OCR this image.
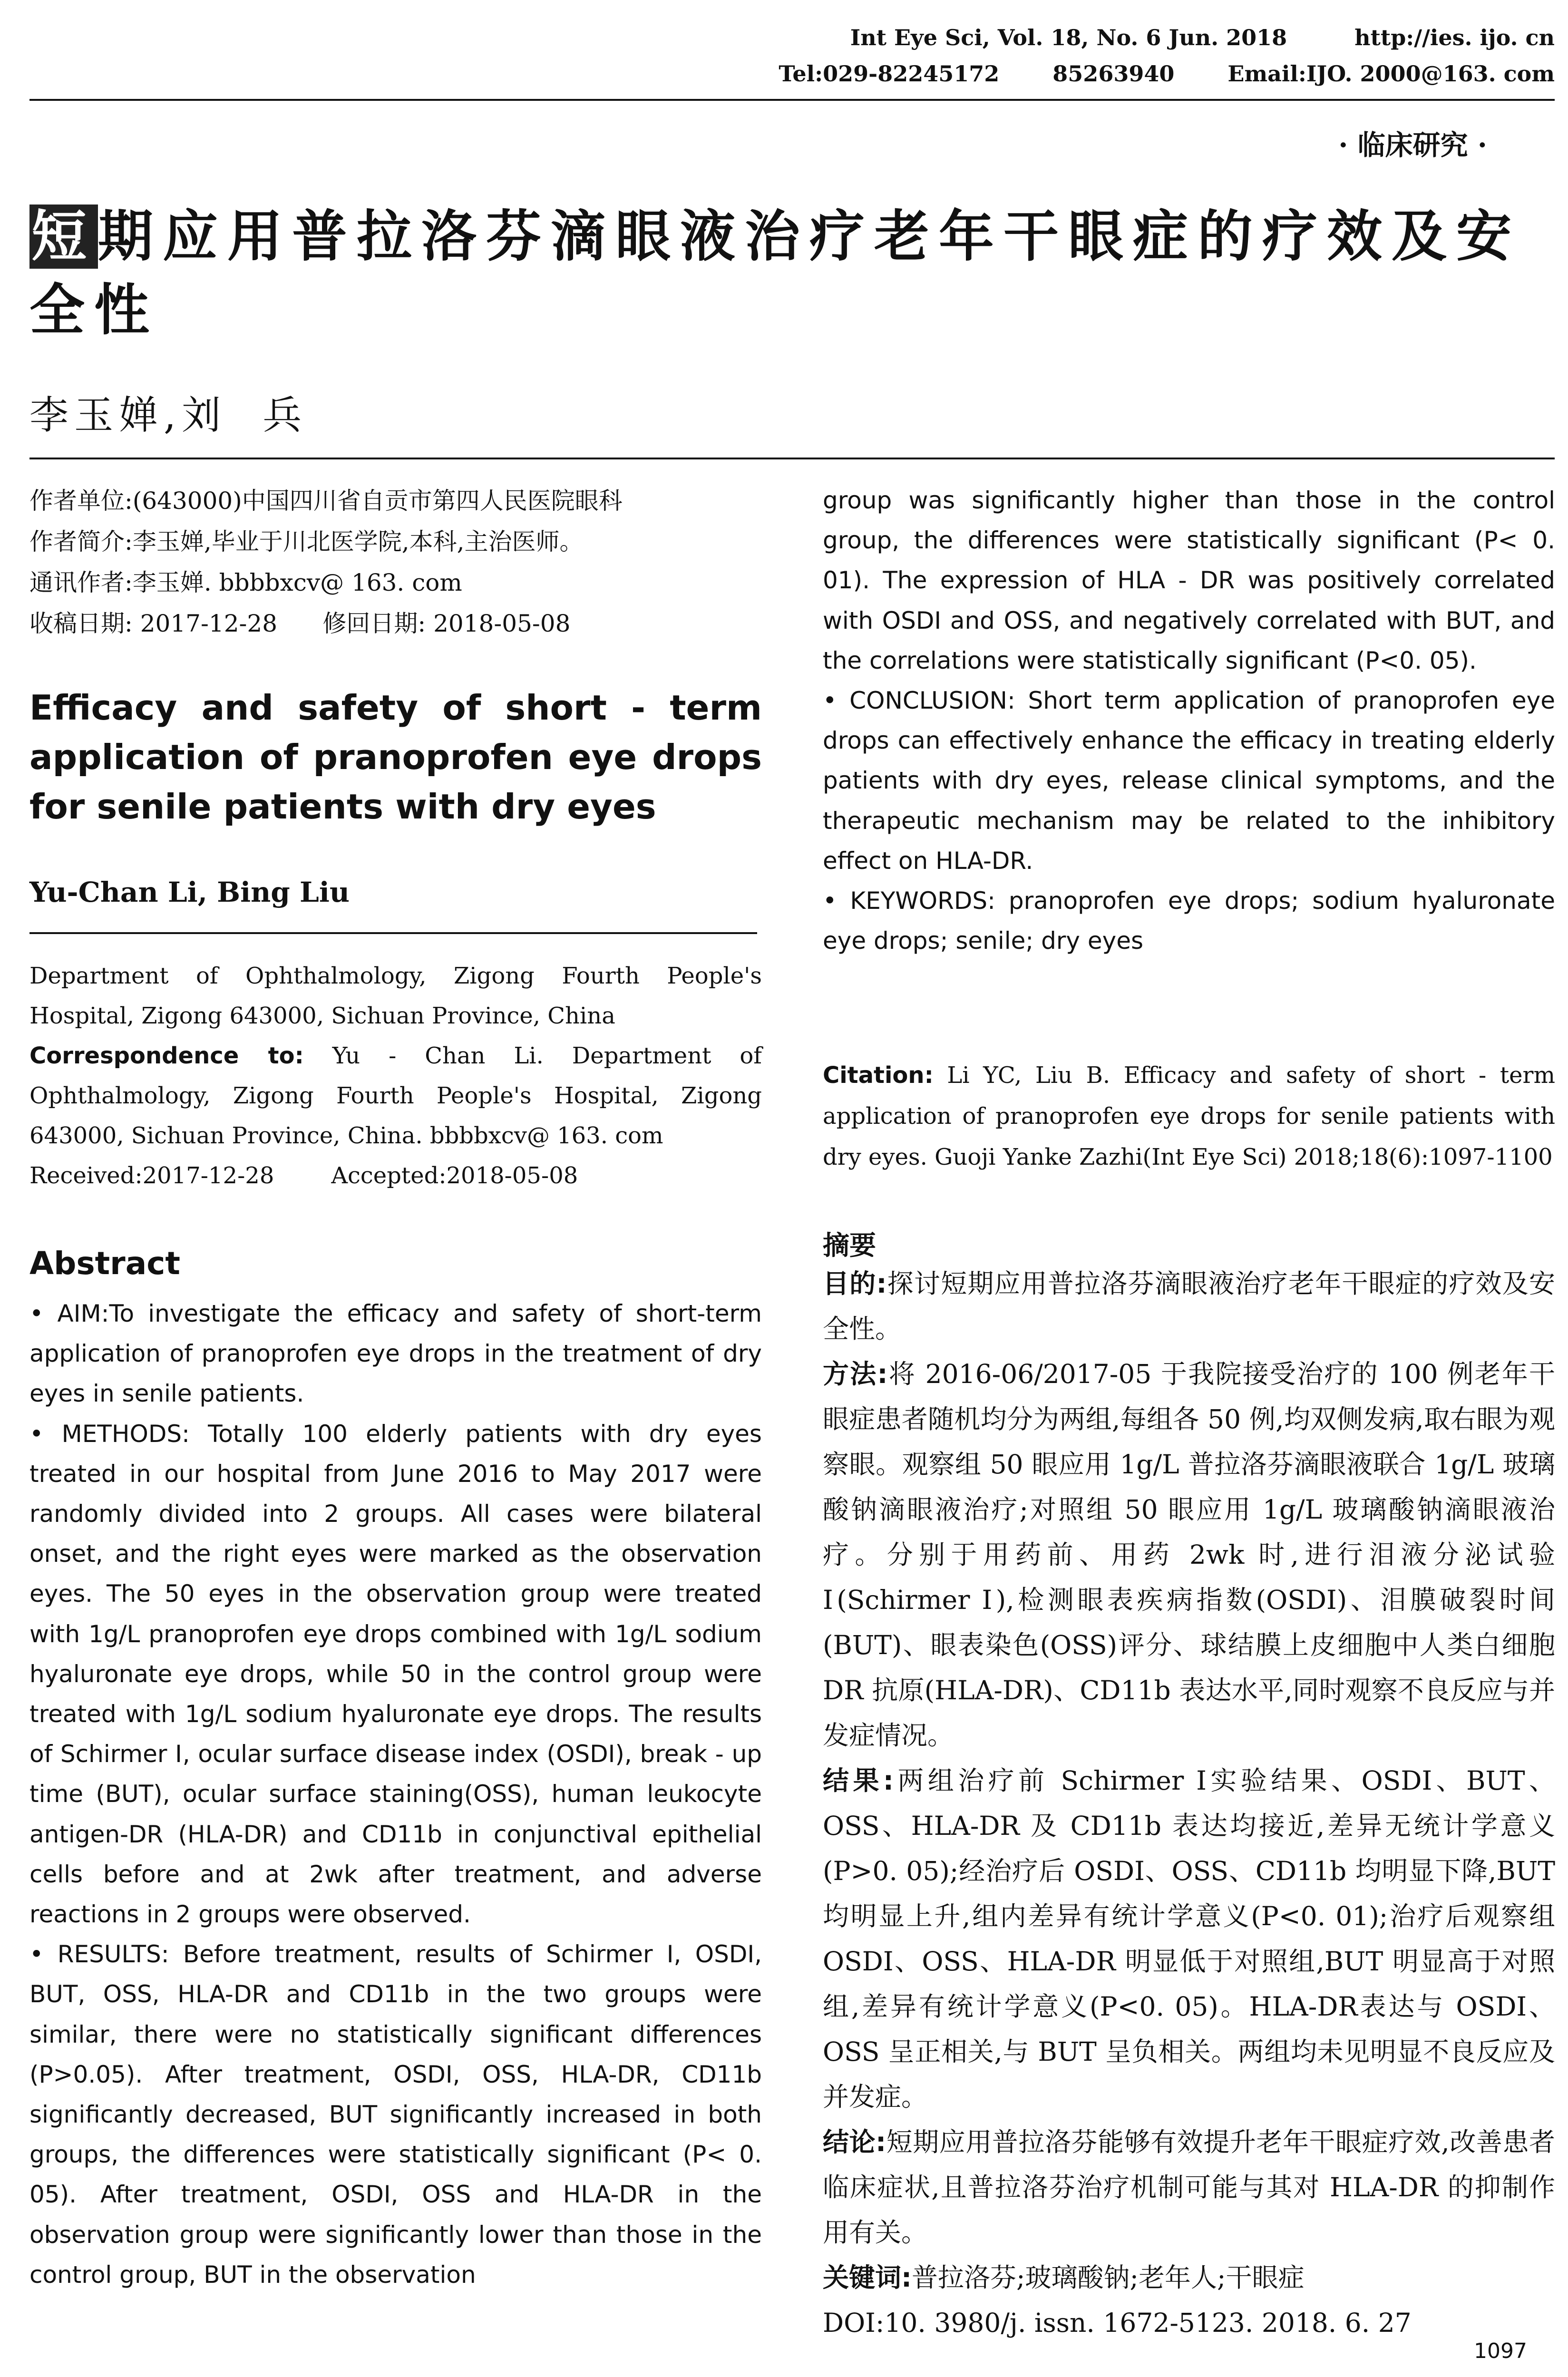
Int Eye Sci, Vol. 18, No. 6 Jun. 2018	http://ies. ijo. cn
Tel:029-82245172 85263940 Email:IJO. 2000@163. com
· 临床研究 ·
短期应用普拉洛芬滴眼液治疗老年干眼症的疗效及安全性
李玉婵,刘  兵
作者单位:(643000)中国四川省自贡市第四人民医院眼科
作者简介:李玉婵,毕业于川北医学院,本科,主治医师。
通讯作者:李玉婵. bbbbxcv@ 163. com
收稿日期: 2017-12-28      修回日期: 2018-05-08
Efficacy and safety of short - term application of pranoprofen eye drops for senile patients with dry eyes
Yu-Chan Li, Bing Liu
Department of Ophthalmology, Zigong Fourth People's Hospital, Zigong 643000, Sichuan Province, China
Correspondence to: Yu - Chan Li. Department of Ophthalmology, Zigong Fourth People's Hospital, Zigong 643000, Sichuan Province, China. bbbbxcv@ 163. com
Received:2017-12-28	Accepted:2018-05-08
Abstract

• AIM:To investigate the efficacy and safety of short-term application of pranoprofen eye drops in the treatment of dry eyes in senile patients.

• METHODS: Totally 100 elderly patients with dry eyes treated in our hospital from June 2016 to May 2017 were randomly divided into 2 groups. All cases were bilateral onset, and the right eyes were marked as the observation eyes. The 50 eyes in the observation group were treated with 1g/L pranoprofen eye drops combined with 1g/L sodium hyaluronate eye drops, while 50 in the control group were treated with 1g/L sodium hyaluronate eye drops. The results of Schirmer Ⅰ, ocular surface disease index (OSDI), break - up time (BUT), ocular surface staining(OSS), human leukocyte antigen-DR (HLA-DR) and CD11b in conjunctival epithelial cells before and at 2wk after treatment, and adverse reactions in 2 groups were observed.

• RESULTS: Before treatment, results of Schirmer I, OSDI, BUT, OSS, HLA-DR and CD11b in the two groups were similar, there were no statistically significant differences (P>0.05). After treatment, OSDI, OSS, HLA-DR, CD11b significantly decreased, BUT significantly increased in both groups, the differences were statistically significant (P< 0. 05). After treatment, OSDI, OSS and HLA-DR in the observation group were significantly lower than those in the control group, BUT in the observation

group was significantly higher than those in the control group, the differences were statistically significant (P< 0. 01). The expression of HLA - DR was positively correlated with OSDI and OSS, and negatively correlated with BUT, and the correlations were statistically significant (P<0. 05).

• CONCLUSION: Short term application of pranoprofen eye drops can effectively enhance the efficacy in treating elderly patients with dry eyes, release clinical symptoms, and the therapeutic mechanism may be related to the inhibitory effect on HLA-DR.

• KEYWORDS: pranoprofen eye drops; sodium hyaluronate eye drops; senile; dry eyes

Citation: Li YC, Liu B. Efficacy and safety of short - term application of pranoprofen eye drops for senile patients with dry eyes. Guoji Yanke Zazhi(Int Eye Sci) 2018;18(6):1097-1100
摘要

目的:探讨短期应用普拉洛芬滴眼液治疗老年干眼症的疗效及安全性。

方法:将 2016-06/2017-05 于我院接受治疗的 100 例老年干眼症患者随机均分为两组,每组各 50 例,均双侧发病,取右眼为观察眼。观察组 50 眼应用 1g/L 普拉洛芬滴眼液联合 1g/L 玻璃酸钠滴眼液治疗;对照组 50 眼应用 1g/L 玻璃酸钠滴眼液治疗。分别于用药前、用药 2wk 时,进行泪液分泌试验Ⅰ(Schirmer Ⅰ),检测眼表疾病指数(OSDI)、泪膜破裂时间(BUT)、眼表染色(OSS)评分、球结膜上皮细胞中人类白细胞 DR 抗原(HLA-DR)、CD11b 表达水平,同时观察不良反应与并发症情况。

结果:两组治疗前 Schirmer Ⅰ实验结果、OSDI、BUT、OSS、HLA-DR 及 CD11b 表达均接近,差异无统计学意义(P>0. 05);经治疗后 OSDI、OSS、CD11b 均明显下降,BUT 均明显上升,组内差异有统计学意义(P<0. 01);治疗后观察组 OSDI、OSS、HLA-DR 明显低于对照组,BUT 明显高于对照组,差异有统计学意义(P<0. 05)。HLA-DR表达与 OSDI、OSS 呈正相关,与 BUT 呈负相关。两组均未见明显不良反应及并发症。

结论:短期应用普拉洛芬能够有效提升老年干眼症疗效,改善患者临床症状,且普拉洛芬治疗机制可能与其对 HLA-DR 的抑制作用有关。

关键词:普拉洛芬;玻璃酸钠;老年人;干眼症

DOI:10. 3980/j. issn. 1672-5123. 2018. 6. 27

1097
